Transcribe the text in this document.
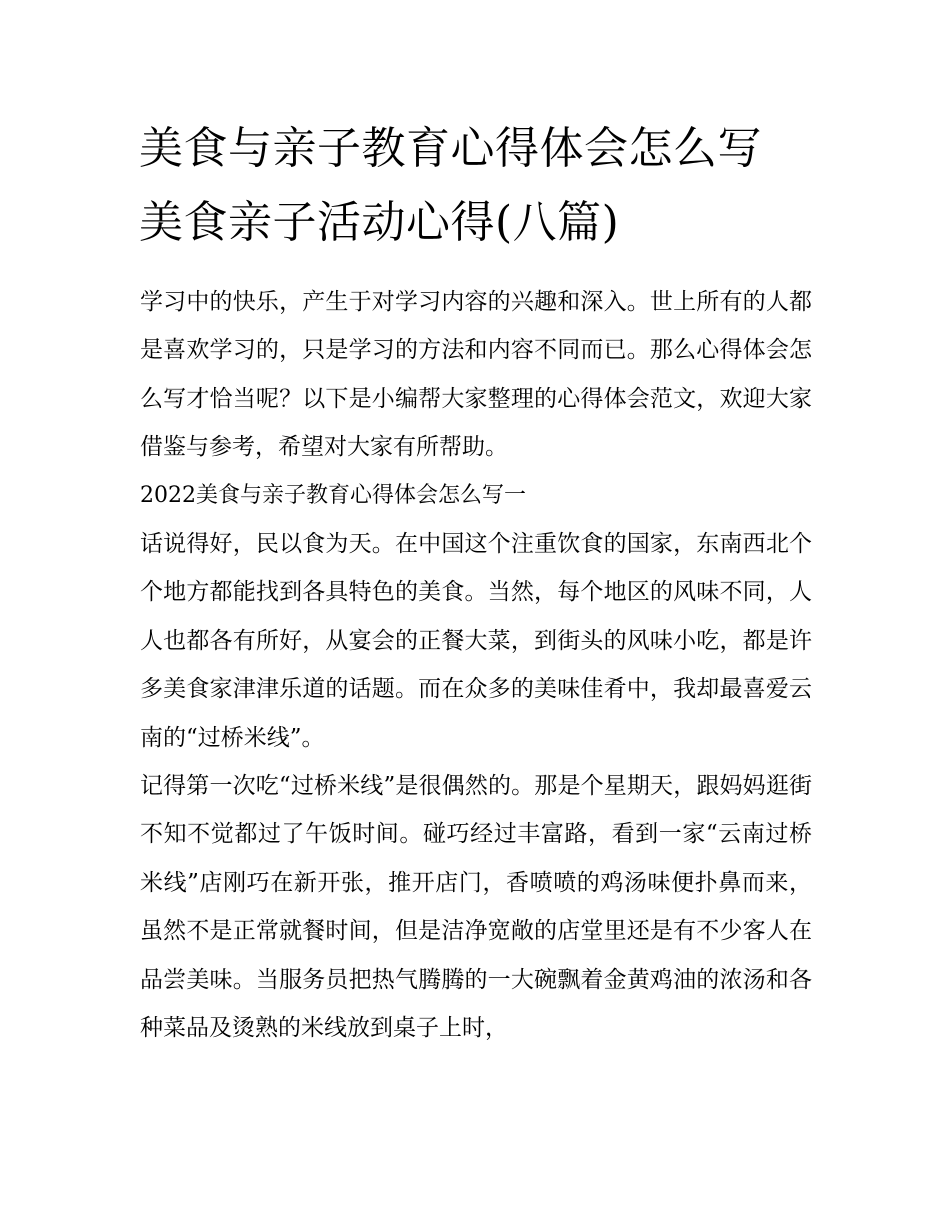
美食与亲子教育心得体会怎么写 美食亲子活动心得(八篇)

学习中的快乐，产生于对学习内容的兴趣和深入。世上所有的人都是喜欢学习的，只是学习的方法和内容不同而已。那么心得体会怎么写才恰当呢？以下是小编帮大家整理的心得体会范文，欢迎大家借鉴与参考，希望对大家有所帮助。

2022美食与亲子教育心得体会怎么写一

话说得好，民以食为天。在中国这个注重饮食的国家，东南西北个个地方都能找到各具特色的美食。当然，每个地区的风味不同，人人也都各有所好，从宴会的正餐大菜，到街头的风味小吃，都是许多美食家津津乐道的话题。而在众多的美味佳肴中，我却最喜爱云南的“过桥米线”。

记得第一次吃“过桥米线”是很偶然的。那是个星期天，跟妈妈逛街不知不觉都过了午饭时间。碰巧经过丰富路，看到一家“云南过桥米线”店刚巧在新开张，推开店门，香喷喷的鸡汤味便扑鼻而来，虽然不是正常就餐时间，但是洁净宽敞的店堂里还是有不少客人在品尝美味。当服务员把热气腾腾的一大碗飘着金黄鸡油的浓汤和各种菜品及烫熟的米线放到桌子上时，
